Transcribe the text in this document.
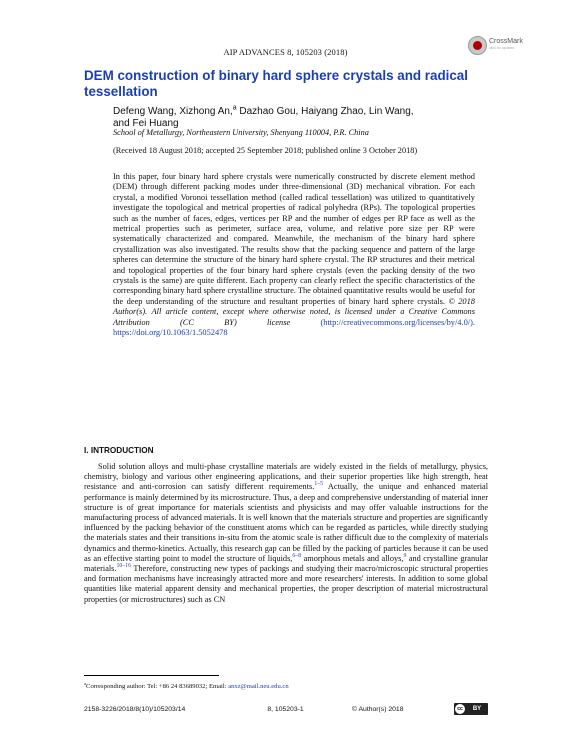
AIP ADVANCES 8, 105203 (2018)
CrossMark
click for updates
DEM construction of binary hard sphere crystals and radical tessellation
Defeng Wang, Xizhong An,$^a$ Dazhao Gou, Haiyang Zhao, Lin Wang,
and Fei Huang
School of Metallurgy, Northeastern University, Shenyang 110004, P.R. China
(Received 18 August 2018; accepted 25 September 2018; published online 3 October 2018)

In this paper, four binary hard sphere crystals were numerically constructed by discrete element method (DEM) through different packing modes under three-dimensional (3D) mechanical vibration. For each crystal, a modified Voronoi tessellation method (called radical tessellation) was utilized to quantitatively investigate the topological and metrical properties of radical polyhedra (RPs). The topological properties such as the number of faces, edges, vertices per RP and the number of edges per RP face as well as the metrical properties such as perimeter, surface area, volume, and relative pore size per RP were systematically characterized and compared. Meanwhile, the mechanism of the binary hard sphere crystallization was also investigated. The results show that the packing sequence and pattern of the large spheres can determine the structure of the binary hard sphere crystal. The RP structures and their metrical and topological properties of the four binary hard sphere crystals (even the packing density of the two crystals is the same) are quite different. Each property can clearly reflect the specific characteristics of the corresponding binary hard sphere crystalline structure. The obtained quantitative results would be useful for the deep understanding of the structure and resultant properties of binary hard sphere crystals. © 2018 Author(s). All article content, except where otherwise noted, is licensed under a Creative Commons Attribution (CC BY) license	(http://creativecommons.org/licenses/by/4.0/). https://doi.org/10.1063/1.5052478

I. INTRODUCTION

Solid solution alloys and multi-phase crystalline materials are widely existed in the fields of metallurgy, physics, chemistry, biology and various other engineering applications, and their superior properties like high strength, heat resistance and anti-corrosion can satisfy different requirements.$^{1-5}$ Actually, the unique and enhanced material performance is mainly determined by its microstructure. Thus, a deep and comprehensive understanding of material inner structure is of great importance for materials scientists and physicists and may offer valuable instructions for the manufacturing process of advanced materials. It is well known that the materials structure and properties are significantly influenced by the packing behavior of the constituent atoms which can be regarded as particles, while directly studying the materials states and their transitions in-situ from the atomic scale is rather difficult due to the complexity of materials dynamics and thermo-kinetics. Actually, this research gap can be filled by the packing of particles because it can be used as an effective starting point to model the structure of liquids,$^{6-8}$ amorphous metals and alloys,$^9$ and crystalline granular materials.$^{10-16}$ Therefore, constructing new types of packings and studying their macro/microscopic structural properties and formation mechanisms have increasingly attracted more and more researchers' interests. In addition to some global quantities like material apparent density and mechanical properties, the proper description of material microstructural properties (or microstructures) such as CN

$^a$Corresponding author: Tel: +86 24 83689032; Email: anxz@mail.neu.edu.cn
2158-3226/2018/8(10)/105203/14	8, 105203-1	© Author(s) 2018	cc	BY
